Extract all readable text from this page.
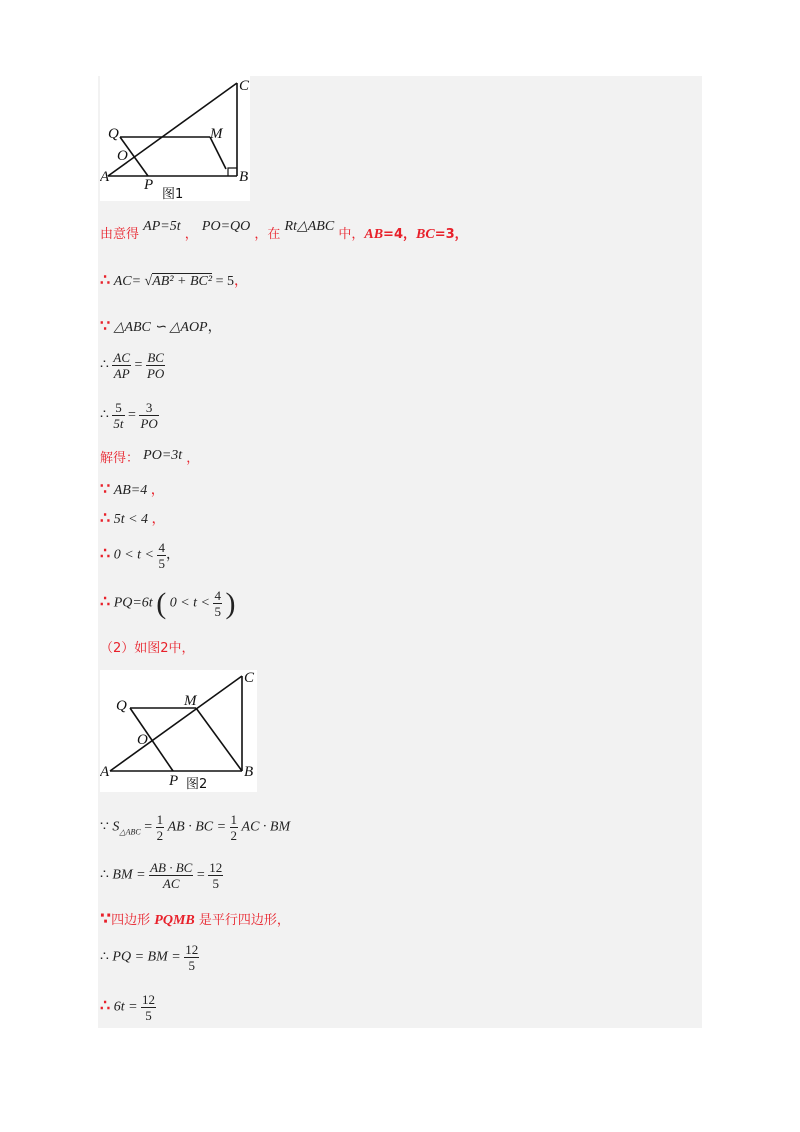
C
Q	M
O
A P	B
图1
由意得 AP=5t ， PO=QO ，在 Rt△ABC 中，AB=4，BC=3，
∴ AC= √AB² + BC² = 5，
∵ △ABC ∽ △AOP，
∴ $\frac{AC}{AP} = \frac{BC}{PO}$
∴ $\frac{5}{5t} = \frac{3}{PO}$
解得： PO=3t ，
∵ AB=4 ，
∴ 5t < 4 ，
∴ $0 < t < \frac{4}{5}$ ，
∴ PQ=6t ( $0 < t < \frac{4}{5}$ )
（2）如图2中，
C
Q	M
O
A
P
B
图2
∵ $S_{\triangle ABC} = \frac{1}{2}$ AB · BC = $\frac{1}{2}$ AC · BM
∴ BM = $\frac{AB \cdot BC}{AC} = \frac{12}{5}$
∵四边形 PQMB 是平行四边形，
∴ PQ = BM = $\frac{12}{5}$
∴ $6t = \frac{12}{5}$
